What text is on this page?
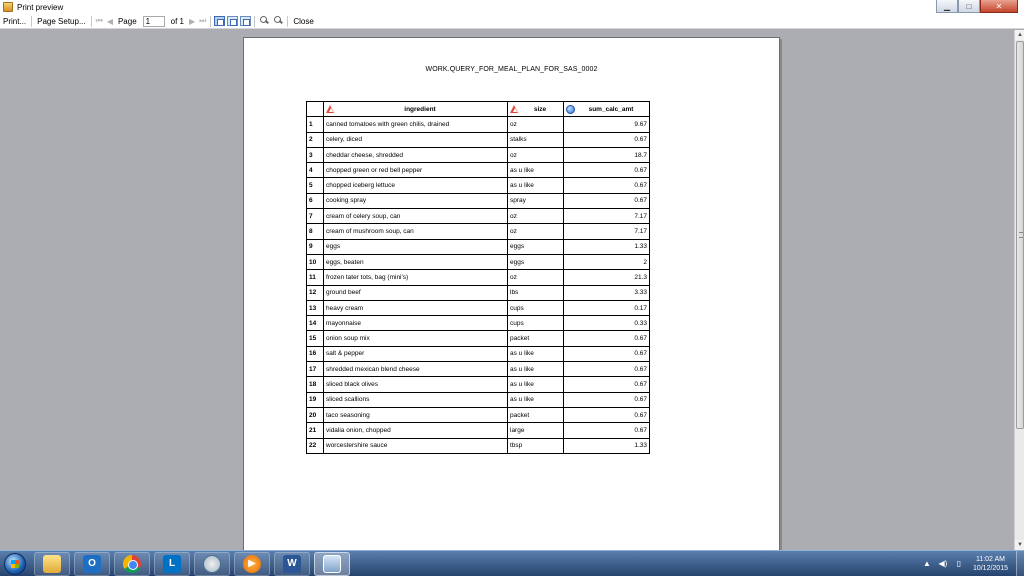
Print preview	▁ □	✕
Print...	Page Setup...	⏮ ◀ Page
1	of 1 ▶ ⏭	Close
WORK.QUERY_FOR_MEAL_PLAN_FOR_SAS_0002

	ingredient	size	sum_calc_amt

1	canned tomatoes with green chilis, drained	oz	9.67
2	celery, diced	stalks	0.67
3	cheddar cheese, shredded	oz	18.7
4	chopped green or red bell pepper	as u like	0.67
5	chopped iceberg lettuce	as u like	0.67
6	cooking spray	spray	0.67
7	cream of celery soup, can	oz	7.17
8	cream of mushroom soup, can	oz	7.17
9	eggs	eggs	1.33
10	eggs, beaten	eggs	2
11	frozen tater tots, bag (mini's)	oz	21.3
12	ground beef	lbs	3.33
13	heavy cream	cups	0.17
14	mayonnaise	cups	0.33
15	onion soup mix	packet	0.67
16	salt & pepper	as u like	0.67
17	shredded mexican blend cheese	as u like	0.67
18	sliced black olives	as u like	0.67
19	sliced scallions	as u like	0.67
20	taco seasoning	packet	0.67
21	vidalia onion, chopped	large	0.67
22	worcestershire sauce	tbsp	1.33
▲
▼
O	L	▶	W	▲ ◀)	▯	11:02 AM
10/12/2015
